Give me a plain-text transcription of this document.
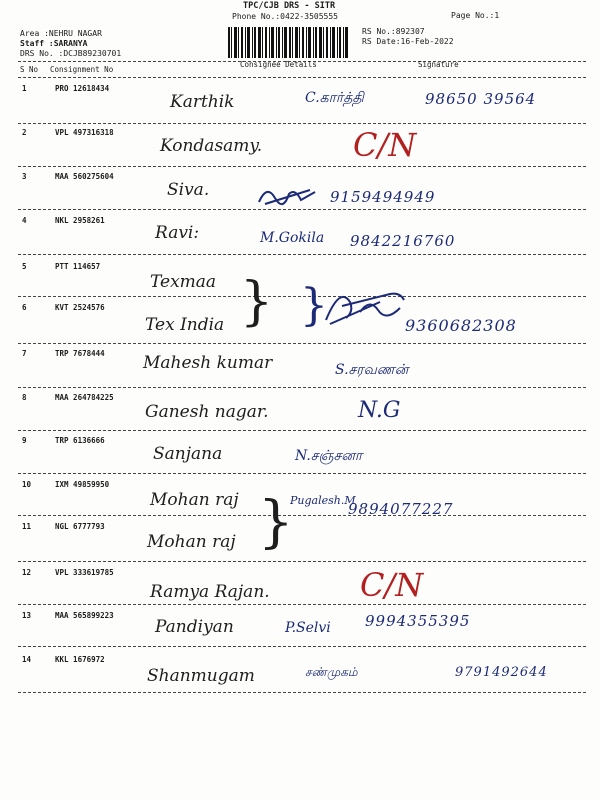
TPC/CJB DRS - SITR
Phone No.:0422-3505555	Page No.:1
Area :NEHRU NAGAR
Staff :SARANYA
DRS No. :DCJB89230701
RS No.:892307
RS Date:16-Feb-2022
S No Consignment No
Consignee Details	Signature
1	PRO 12618434
Karthik	C.கார்த்தி	98650 39564
2	VPL 497316318
Kondasamy.	C/N
3	MAA 560275604
Siva.	9159494949
4	NKL 2958261
Ravi:	M.Gokila 9842216760
5	PTT 114657
Texmaa
6	KVT 2524576
Tex India } }	9360682308
7	TRP 7678444 Mahesh kumar	S.சரவணன்
8	MAA 264784225
Ganesh nagar.	N.G
9	TRP 6136666
Sanjana	N.சஞ்சனா
10	IXM 49859950
Mohan raj	Pugalesh.M
9894077227
11	NGL 6777793
Mohan raj }
12	VPL 333619785
Ramya Rajan.	C/N
13	MAA 565899223
Pandiyan	P.Selvi 9994355395
14	KKL 1676972
Shanmugam	சண்முகம்	9791492644
